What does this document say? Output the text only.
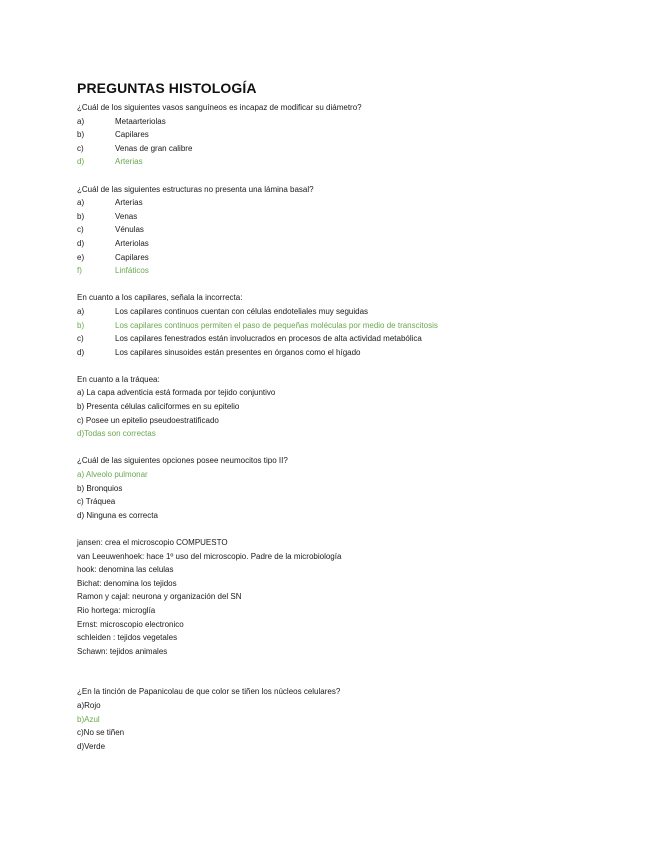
PREGUNTAS HISTOLOGÍA
¿Cuál de los siguientes vasos sanguíneos es incapaz de modificar su diámetro?
a)	Metaarteriolas
b)	Capilares
c)	Venas de gran calibre
d)	Arterias
¿Cuál de las siguientes estructuras no presenta una lámina basal?
a)	Arterias
b)	Venas
c)	Vénulas
d)	Arteriolas
e)	Capilares
f)	Linfáticos
En cuanto a los capilares, señala la incorrecta:
a)	Los capilares continuos cuentan con células endoteliales muy seguidas
b)	Los capilares continuos permiten el paso de pequeñas moléculas por medio de transcitosis
c)	Los capilares fenestrados están involucrados en procesos de alta actividad metabólica
d)	Los capilares sinusoides están presentes en órganos como el hígado
En cuanto a la tráquea:
a) La capa adventicia está formada por tejido conjuntivo
b) Presenta células caliciformes en su epitelio
c) Posee un epitelio pseudoestratificado
d)Todas son correctas
¿Cuál de las siguientes opciones posee neumocitos tipo II?
a) Alveolo pulmonar
b) Bronquios
c) Tráquea
d) Ninguna es correcta
jansen: crea el microscopio COMPUESTO
van Leeuwenhoek: hace 1º uso del microscopio. Padre de la microbiología
hook: denomina las celulas
Bichat: denomina los tejidos
Ramon y cajal: neurona y organización del SN
Rio hortega: microglía
Ernst: microscopio electronico
schleiden : tejidos vegetales
Schawn: tejidos animales
¿En la tinción de Papanicolau de que color se tiñen los núcleos celulares?
a)Rojo
b)Azul
c)No se tiñen
d)Verde
